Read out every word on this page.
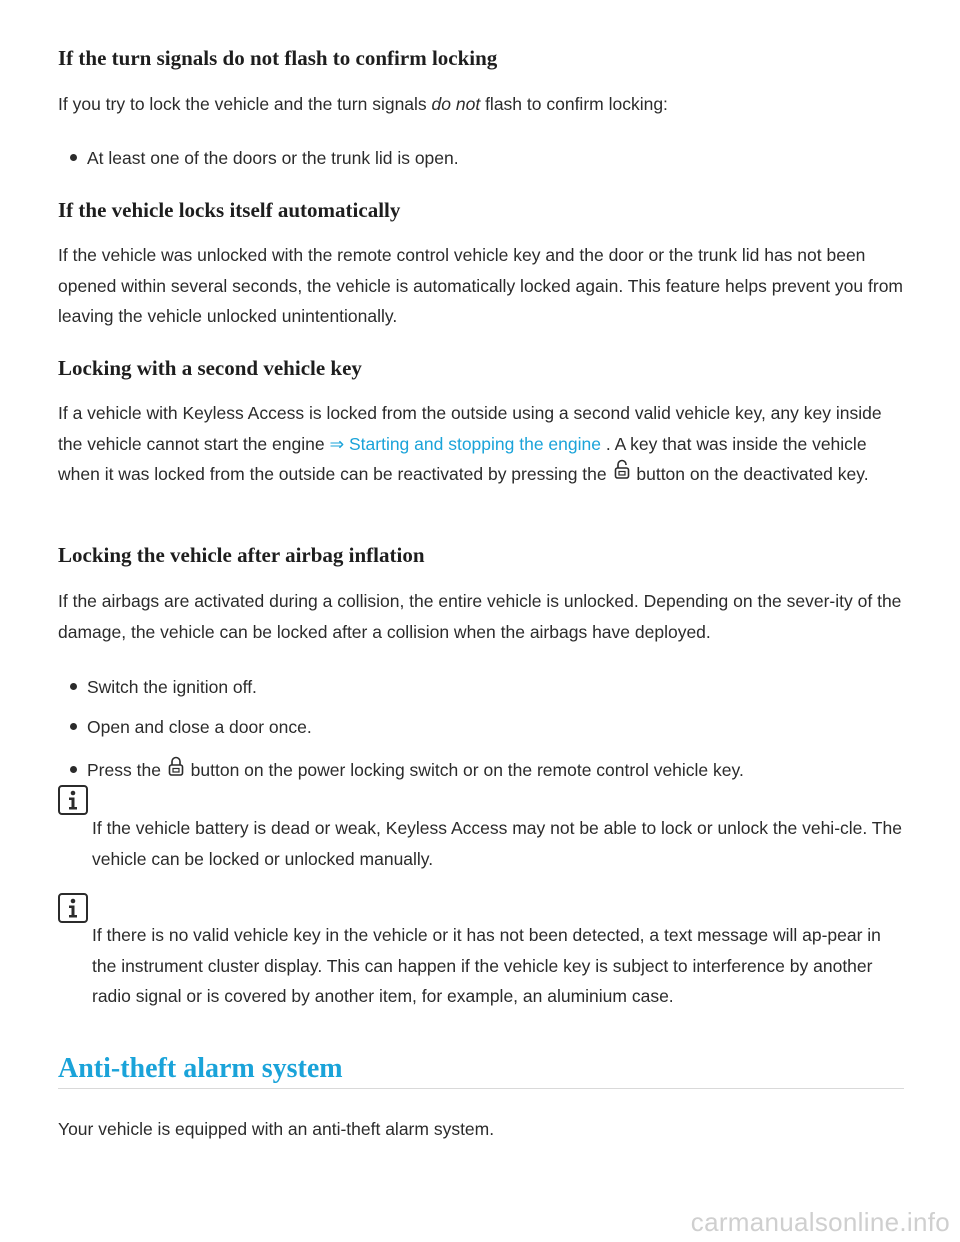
If the turn signals do not flash to confirm locking

If you try to lock the vehicle and the turn signals do not flash to confirm locking:

At least one of the doors or the trunk lid is open.
If the vehicle locks itself automatically

If the vehicle was unlocked with the remote control vehicle key and the door or the trunk lid has not been opened within several seconds, the vehicle is automatically locked again. This feature helps prevent you from leaving the vehicle unlocked unintentionally.

Locking with a second vehicle key

If a vehicle with Keyless Access is locked from the outside using a second valid vehicle key, any key inside the vehicle cannot start the engine ⇒ Starting and stopping the engine . A key that was inside the vehicle when it was locked from the outside can be reactivated by pressing the  button on the deactivated key.

Locking the vehicle after airbag inflation

If the airbags are activated during a collision, the entire vehicle is unlocked. Depending on the sever-ity of the damage, the vehicle can be locked after a collision when the airbags have deployed.

Switch the ignition off.
Open and close a door once.
Press the  button on the power locking switch or on the remote control vehicle key.

If the vehicle battery is dead or weak, Keyless Access may not be able to lock or unlock the vehi-cle. The vehicle can be locked or unlocked manually.

If there is no valid vehicle key in the vehicle or it has not been detected, a text message will ap-pear in the instrument cluster display. This can happen if the vehicle key is subject to interference by another radio signal or is covered by another item, for example, an aluminium case.

Anti-theft alarm system

Your vehicle is equipped with an anti-theft alarm system.

carmanualsonline.info
